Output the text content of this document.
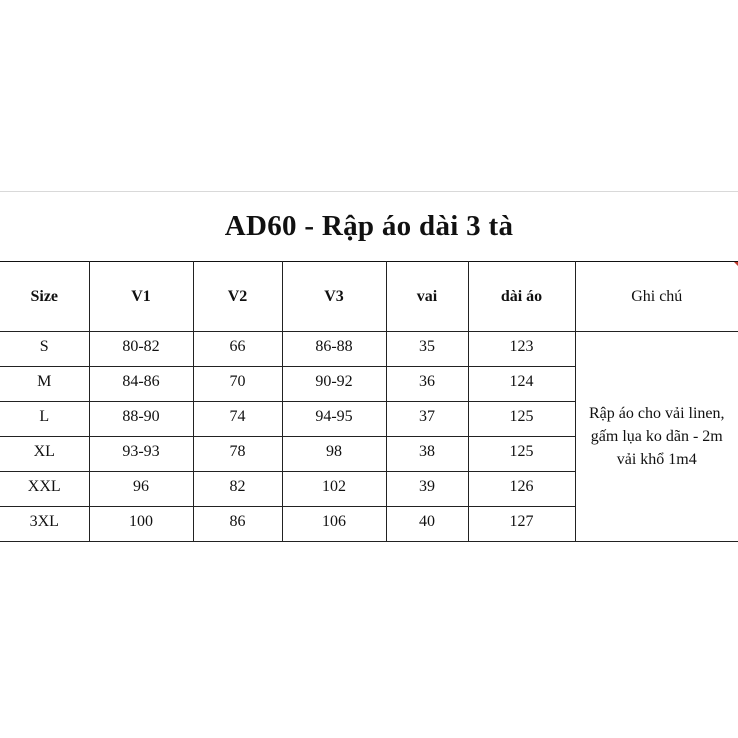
AD60 - Rập áo dài 3 tà
Size	V1	V2	V3	vai	dài áo	Ghi chú
S	80-82	66	86-88	35	123	Rập áo cho vải linen, gấm lụa ko dãn - 2m vải khổ 1m4
M	84-86	70	90-92	36	124	
L	88-90	74	94-95	37	125	
XL	93-93	78	98	38	125	
XXL	96	82	102	39	126	
3XL	100	86	106	40	127	
